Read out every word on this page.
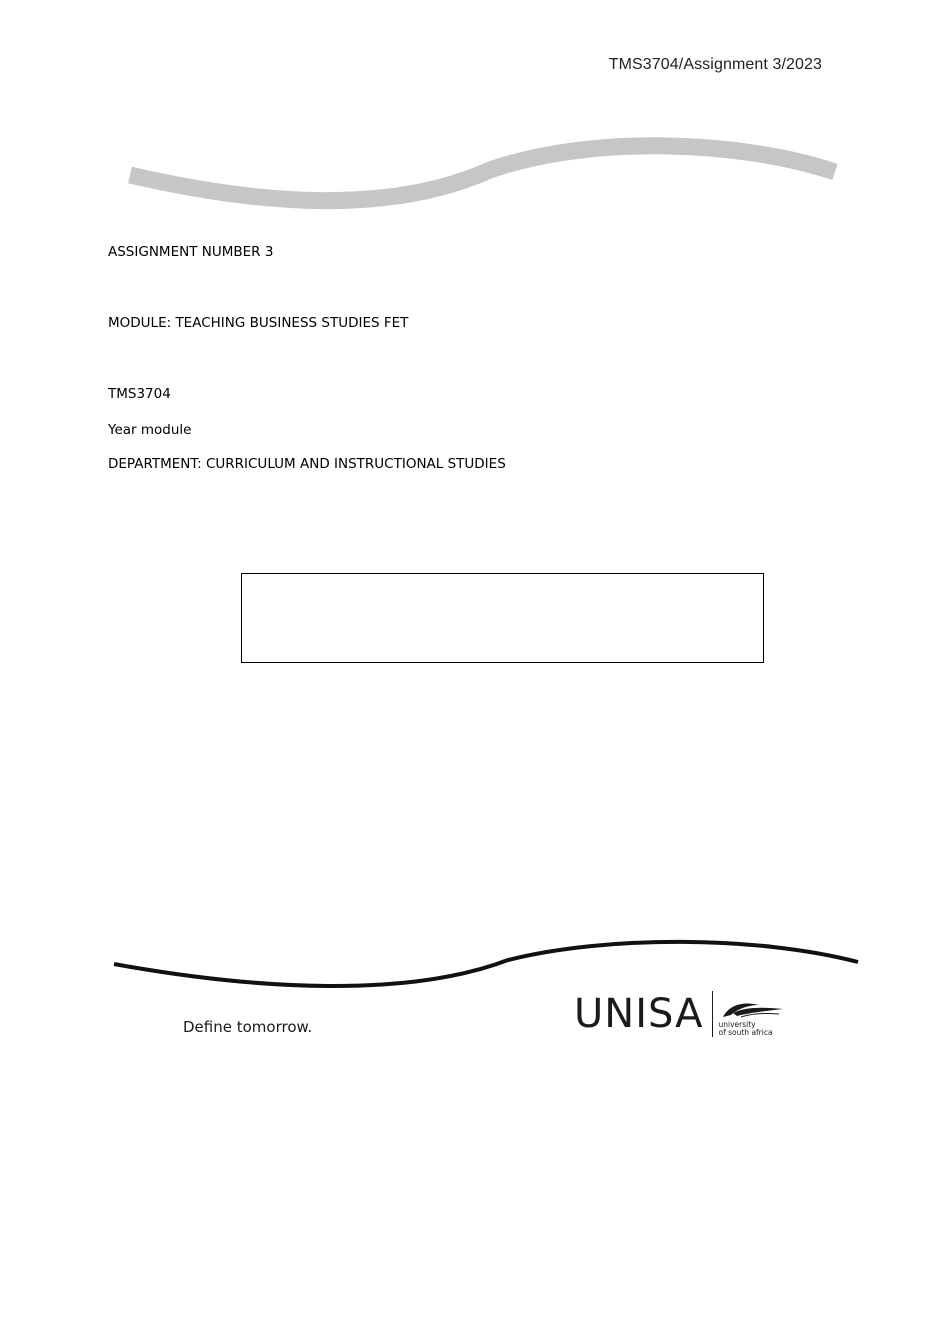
TMS3704/Assignment 3/2023
ASSIGNMENT NUMBER 3
MODULE: TEACHING BUSINESS STUDIES FET
TMS3704
Year module
DEPARTMENT: CURRICULUM AND INSTRUCTIONAL STUDIES
Define tomorrow.	UNISA university
of south africa
